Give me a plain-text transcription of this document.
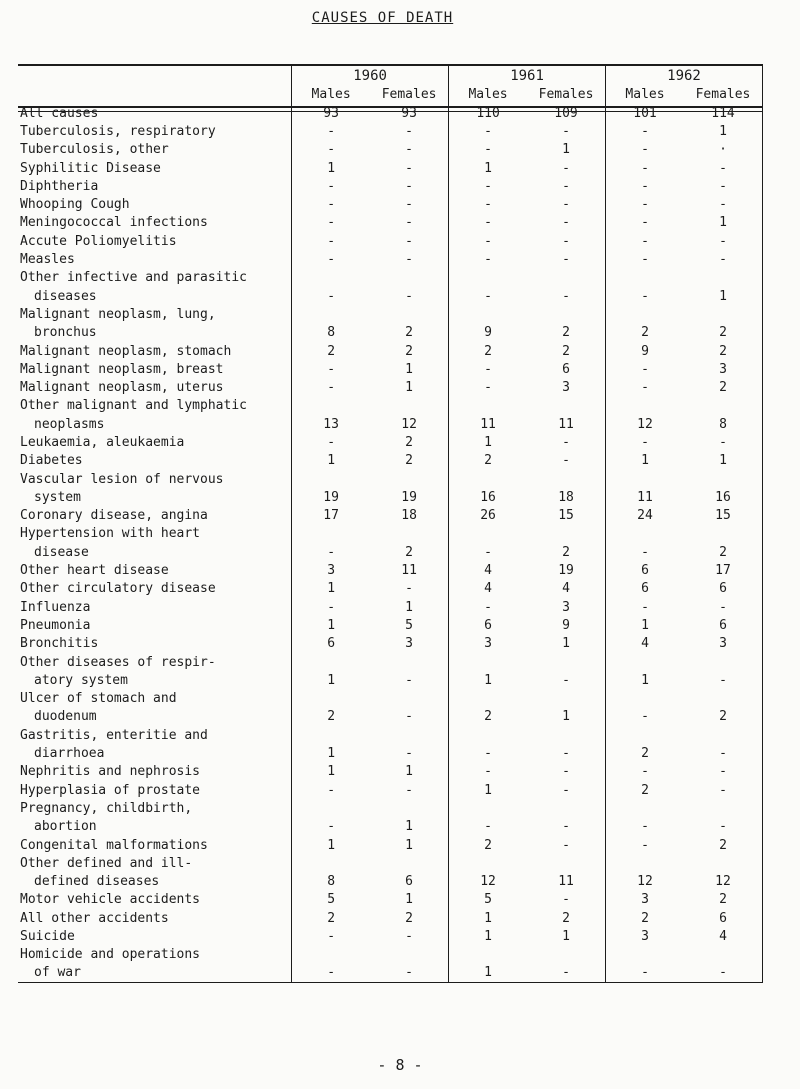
CAUSES OF DEATH
	1960		1961		1962	
	Males	Females	Males	Females	Males	Females

All causes	93	93	110	109	101	114
Tuberculosis, respiratory	-	-	-	-	-	1
Tuberculosis, other	-	-	-	1	-	·
Syphilitic Disease	1	-	1	-	-	-
Diphtheria	-	-	-	-	-	-
Whooping Cough	-	-	-	-	-	-
Meningococcal infections	-	-	-	-	-	1
Accute Poliomyelitis	-	-	-	-	-	-
Measles	-	-	-	-	-	-
Other infective and parasitic						
diseases	-	-	-	-	-	1
Malignant neoplasm, lung,						
bronchus	8	2	9	2	2	2
Malignant neoplasm, stomach	2	2	2	2	9	2
Malignant neoplasm, breast	-	1	-	6	-	3
Malignant neoplasm, uterus	-	1	-	3	-	2
Other malignant and lymphatic						
neoplasms	13	12	11	11	12	8
Leukaemia, aleukaemia	-	2	1	-	-	-
Diabetes	1	2	2	-	1	1
Vascular lesion of nervous						
system	19	19	16	18	11	16
Coronary disease, angina	17	18	26	15	24	15
Hypertension with heart						
disease	-	2	-	2	-	2
Other heart disease	3	11	4	19	6	17
Other circulatory disease	1	-	4	4	6	6
Influenza	-	1	-	3	-	-
Pneumonia	1	5	6	9	1	6
Bronchitis	6	3	3	1	4	3
Other diseases of respir-						
atory system	1	-	1	-	1	-
Ulcer of stomach and						
duodenum	2	-	2	1	-	2
Gastritis, enteritie and						
diarrhoea	1	-	-	-	2	-
Nephritis and nephrosis	1	1	-	-	-	-
Hyperplasia of prostate	-	-	1	-	2	-
Pregnancy, childbirth,						
abortion	-	1	-	-	-	-
Congenital malformations	1	1	2	-	-	2
Other defined and ill-						
defined diseases	8	6	12	11	12	12
Motor vehicle accidents	5	1	5	-	3	2
All other accidents	2	2	1	2	2	6
Suicide	-	-	1	1	3	4
Homicide and operations						
of war	-	-	1	-	-	-

- 8 -
